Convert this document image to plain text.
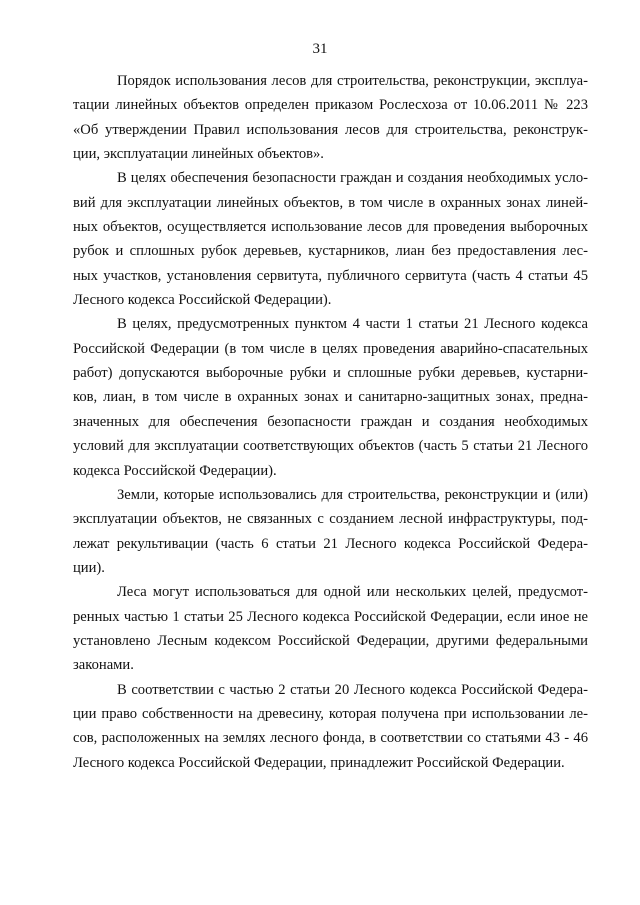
31

Порядок использования лесов для строительства, реконструкции, эксплуа-
тации линейных объектов определен приказом Рослесхоза от 10.06.2011 № 223
«Об утверждении Правил использования лесов для строительства, реконструк-
ции, эксплуатации линейных объектов».

В целях обеспечения безопасности граждан и создания необходимых усло-
вий для эксплуатации линейных объектов, в том числе в охранных зонах линей-
ных объектов, осуществляется использование лесов для проведения выборочных
рубок и сплошных рубок деревьев, кустарников, лиан без предоставления лес-
ных участков, установления сервитута, публичного сервитута (часть 4 статьи 45
Лесного кодекса Российской Федерации).

В целях, предусмотренных пунктом 4 части 1 статьи 21 Лесного кодекса
Российской Федерации (в том числе в целях проведения аварийно-спасательных
работ) допускаются выборочные рубки и сплошные рубки деревьев, кустарни-
ков, лиан, в том числе в охранных зонах и санитарно-защитных зонах, предна-
значенных для обеспечения безопасности граждан и создания необходимых
условий для эксплуатации соответствующих объектов (часть 5 статьи 21 Лесного
кодекса Российской Федерации).

Земли, которые использовались для строительства, реконструкции и (или)
эксплуатации объектов, не связанных с созданием лесной инфраструктуры, под-
лежат рекультивации (часть 6 статьи 21 Лесного кодекса Российской Федера-
ции).

Леса могут использоваться для одной или нескольких целей, предусмот-
ренных частью 1 статьи 25 Лесного кодекса Российской Федерации, если иное не
установлено Лесным кодексом Российской Федерации, другими федеральными
законами.

В соответствии с частью 2 статьи 20 Лесного кодекса Российской Федера-
ции право собственности на древесину, которая получена при использовании ле-
сов, расположенных на землях лесного фонда, в соответствии со статьями 43 - 46
Лесного кодекса Российской Федерации, принадлежит Российской Федерации.
